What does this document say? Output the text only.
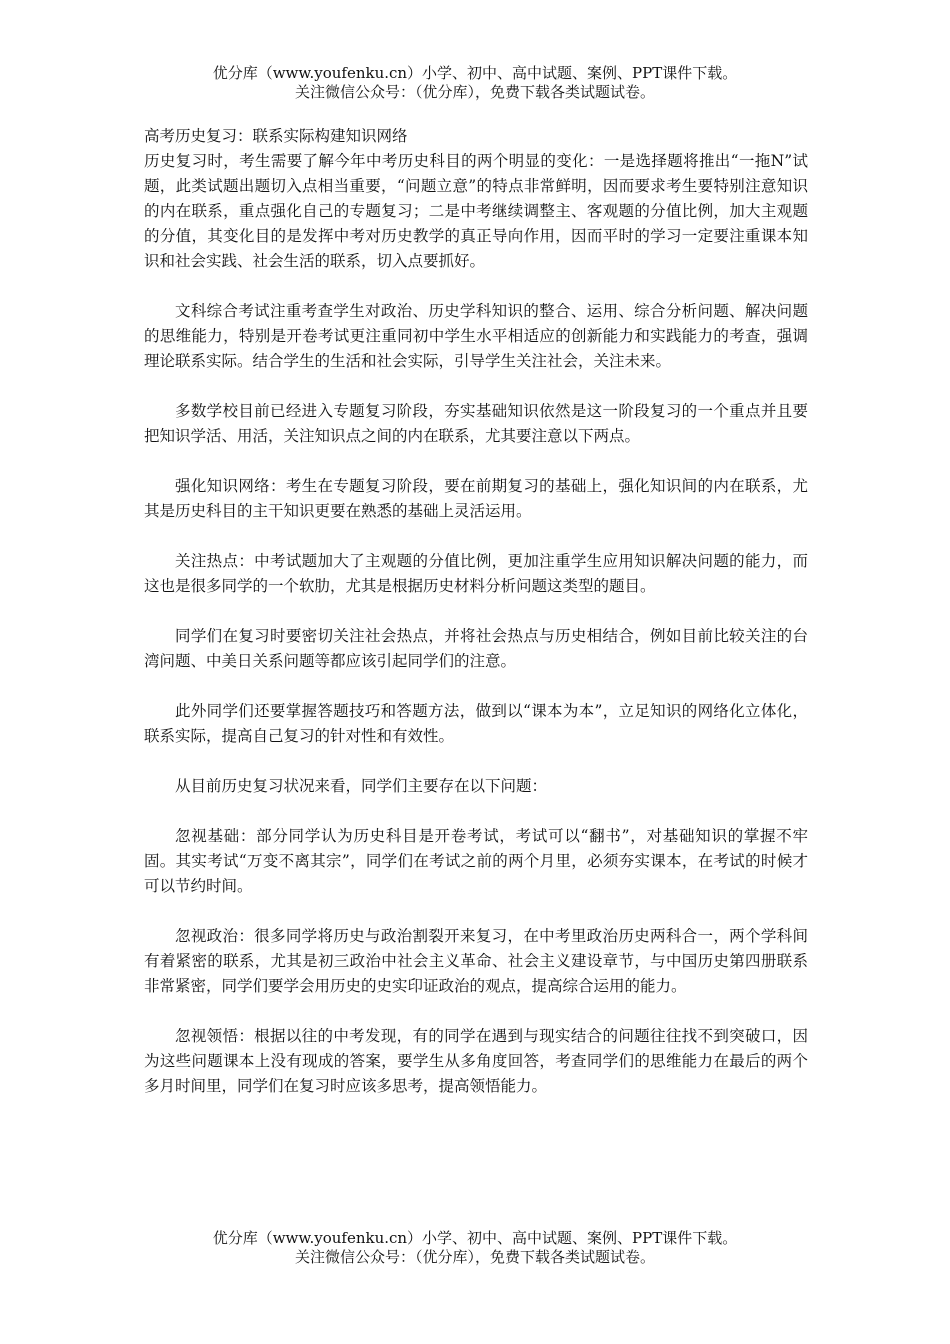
优分库（www.youfenku.cn）小学、初中、高中试题、案例、PPT课件下载。
关注微信公众号：（优分库），免费下载各类试题试卷。
高考历史复习：联系实际构建知识网络

历史复习时，考生需要了解今年中考历史科目的两个明显的变化：一是选择题将推出“一拖N”试题，此类试题出题切入点相当重要，“问题立意”的特点非常鲜明，因而要求考生要特别注意知识的内在联系，重点强化自己的专题复习；二是中考继续调整主、客观题的分值比例，加大主观题的分值，其变化目的是发挥中考对历史教学的真正导向作用，因而平时的学习一定要注重课本知识和社会实践、社会生活的联系，切入点要抓好。

文科综合考试注重考查学生对政治、历史学科知识的整合、运用、综合分析问题、解决问题的思维能力，特别是开卷考试更注重同初中学生水平相适应的创新能力和实践能力的考查，强调理论联系实际。结合学生的生活和社会实际，引导学生关注社会，关注未来。

多数学校目前已经进入专题复习阶段，夯实基础知识依然是这一阶段复习的一个重点并且要把知识学活、用活，关注知识点之间的内在联系，尤其要注意以下两点。

强化知识网络：考生在专题复习阶段，要在前期复习的基础上，强化知识间的内在联系，尤其是历史科目的主干知识更要在熟悉的基础上灵活运用。

关注热点：中考试题加大了主观题的分值比例，更加注重学生应用知识解决问题的能力，而这也是很多同学的一个软肋，尤其是根据历史材料分析问题这类型的题目。

同学们在复习时要密切关注社会热点，并将社会热点与历史相结合，例如目前比较关注的台湾问题、中美日关系问题等都应该引起同学们的注意。

此外同学们还要掌握答题技巧和答题方法，做到以“课本为本”，立足知识的网络化立体化，联系实际，提高自己复习的针对性和有效性。

从目前历史复习状况来看，同学们主要存在以下问题：

忽视基础：部分同学认为历史科目是开卷考试，考试可以“翻书”，对基础知识的掌握不牢固。其实考试“万变不离其宗”，同学们在考试之前的两个月里，必须夯实课本，在考试的时候才可以节约时间。

忽视政治：很多同学将历史与政治割裂开来复习，在中考里政治历史两科合一，两个学科间有着紧密的联系，尤其是初三政治中社会主义革命、社会主义建设章节，与中国历史第四册联系非常紧密，同学们要学会用历史的史实印证政治的观点，提高综合运用的能力。

忽视领悟：根据以往的中考发现，有的同学在遇到与现实结合的问题往往找不到突破口，因为这些问题课本上没有现成的答案，要学生从多角度回答，考查同学们的思维能力在最后的两个多月时间里，同学们在复习时应该多思考，提高领悟能力。

优分库（www.youfenku.cn）小学、初中、高中试题、案例、PPT课件下载。
关注微信公众号：（优分库），免费下载各类试题试卷。
